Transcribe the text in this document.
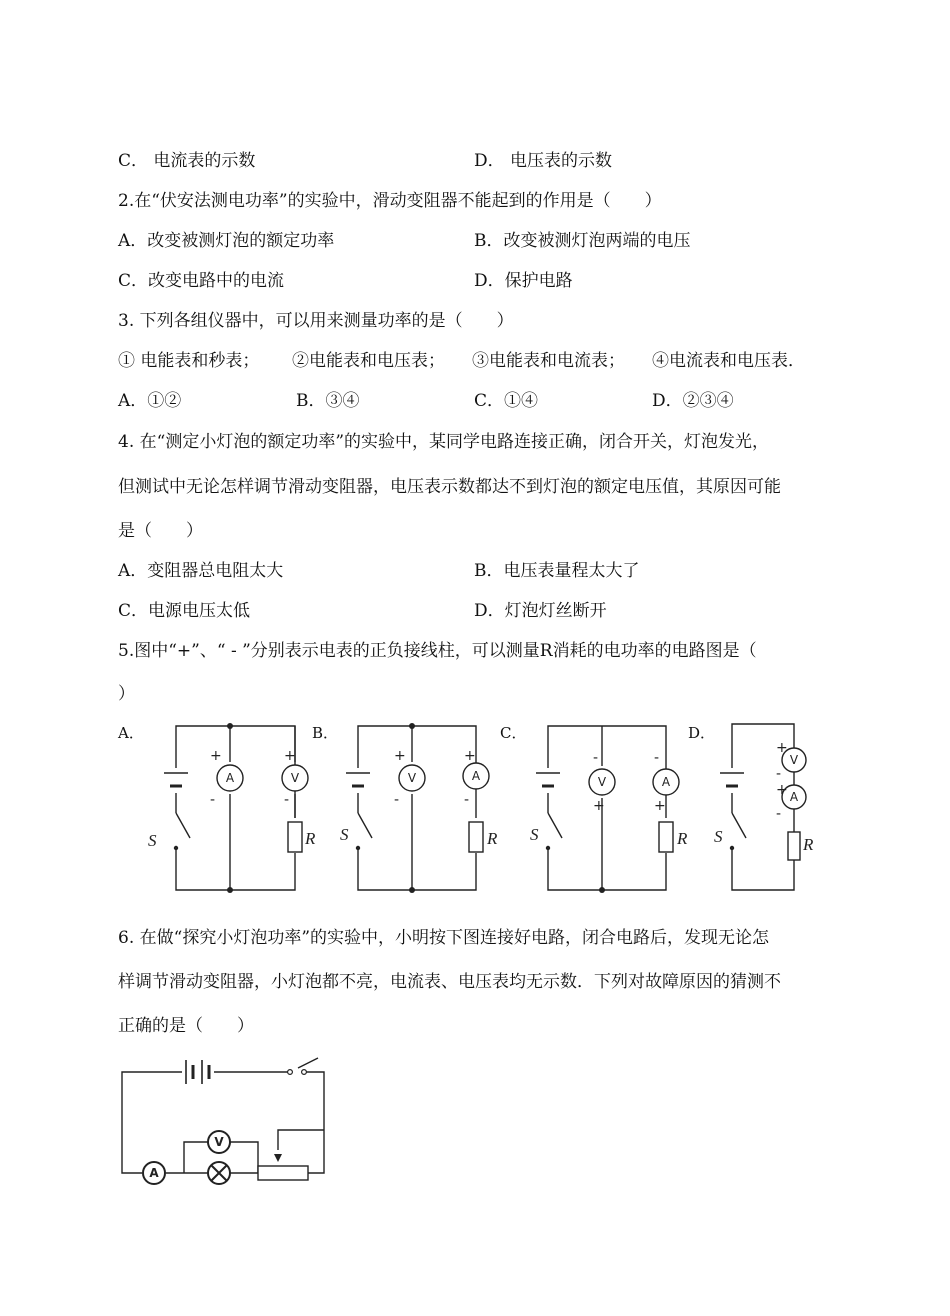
C． 电流表的示数	D． 电压表的示数
2.在“伏安法测电功率”的实验中，滑动变阻器不能起到的作用是（　　）
A．改变被测灯泡的额定功率	B．改变被测灯泡两端的电压
C．改变电路中的电流	D．保护电路
3. 下列各组仪器中，可以用来测量功率的是（　　）
① 电能表和秒表； ②电能表和电压表； ③电能表和电流表； ④电流表和电压表．
A．①②	B．③④	C．①④	D．②③④
4. 在“测定小灯泡的额定功率”的实验中，某同学电路连接正确，闭合开关，灯泡发光，
但测试中无论怎样调节滑动变阻器，电压表示数都达不到灯泡的额定电压值，其原因可能
是（　　）
A．变阻器总电阻太大	B．电压表量程太大了
C．电源电压太低	D．灯泡灯丝断开
5.图中“+”、“ - ”分别表示电表的正负接线柱，可以测量R消耗的电功率的电路图是（
）
A．	B．	C．	D．
S
A
+
-
V
+
-
R S
V
+
-
A
+
-
R S
V
-
+
A
-
+
R S
V
+
-
A
+
-
R
6. 在做“探究小灯泡功率”的实验中，小明按下图连接好电路，闭合电路后，发现无论怎
样调节滑动变阻器，小灯泡都不亮，电流表、电压表均无示数．下列对故障原因的猜测不
正确的是（　　）
A
V
